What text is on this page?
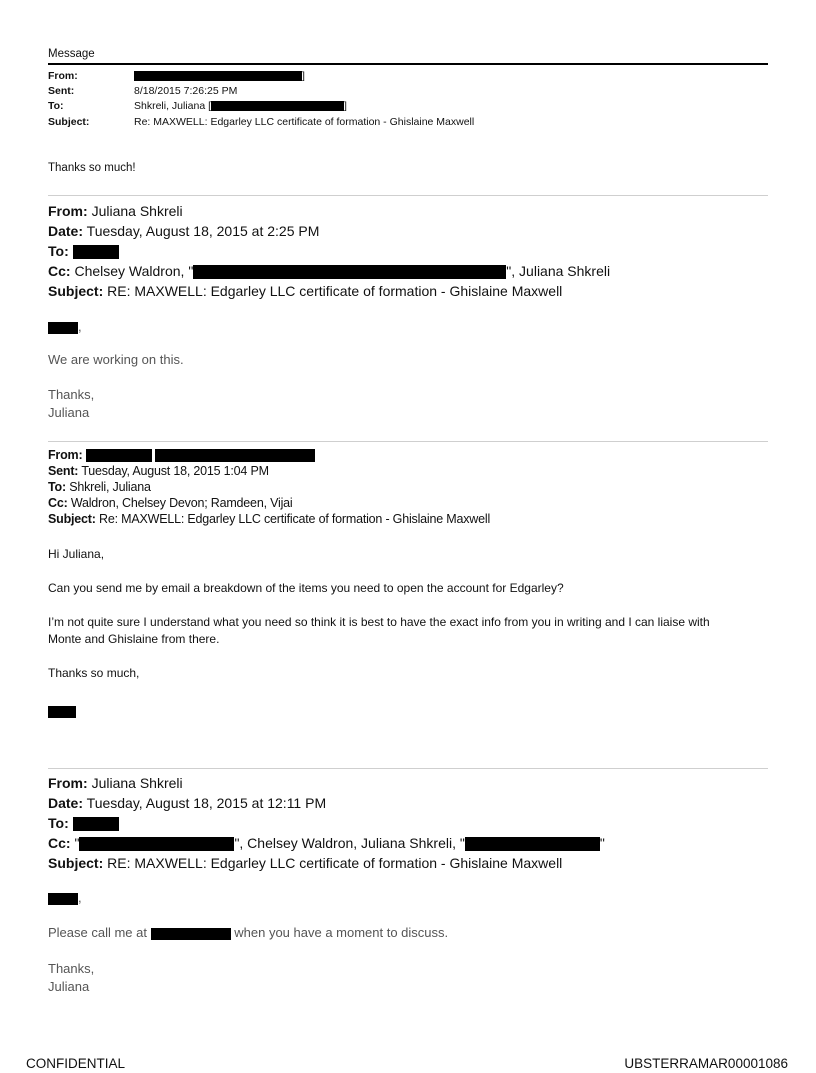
Message
From:	]
Sent:	8/18/2015 7:26:25 PM
To:	Shkreli, Juliana [	]
Subject:	Re: MAXWELL: Edgarley LLC certificate of formation - Ghislaine Maxwell
Thanks so much!
From: Juliana Shkreli
Date: Tuesday, August 18, 2015 at 2:25 PM
To:
Cc: Chelsey Waldron, "	", Juliana Shkreli
Subject: RE: MAXWELL: Edgarley LLC certificate of formation - Ghislaine Maxwell
,
We are working on this.
Thanks,
Juliana
From:
Sent: Tuesday, August 18, 2015 1:04 PM
To: Shkreli, Juliana
Cc: Waldron, Chelsey Devon; Ramdeen, Vijai
Subject: Re: MAXWELL: Edgarley LLC certificate of formation - Ghislaine Maxwell
Hi Juliana,
Can you send me by email a breakdown of the items you need to open the account for Edgarley?
I’m not quite sure I understand what you need so think it is best to have the exact info from you in writing and I can liaise with
Monte and Ghislaine from there.
Thanks so much,
From: Juliana Shkreli
Date: Tuesday, August 18, 2015 at 12:11 PM
To:
Cc: "	", Chelsey Waldron, Juliana Shkreli, "	"
Subject: RE: MAXWELL: Edgarley LLC certificate of formation - Ghislaine Maxwell
,
Please call me at	when you have a moment to discuss.
Thanks,
Juliana
CONFIDENTIAL	UBSTERRAMAR00001086
